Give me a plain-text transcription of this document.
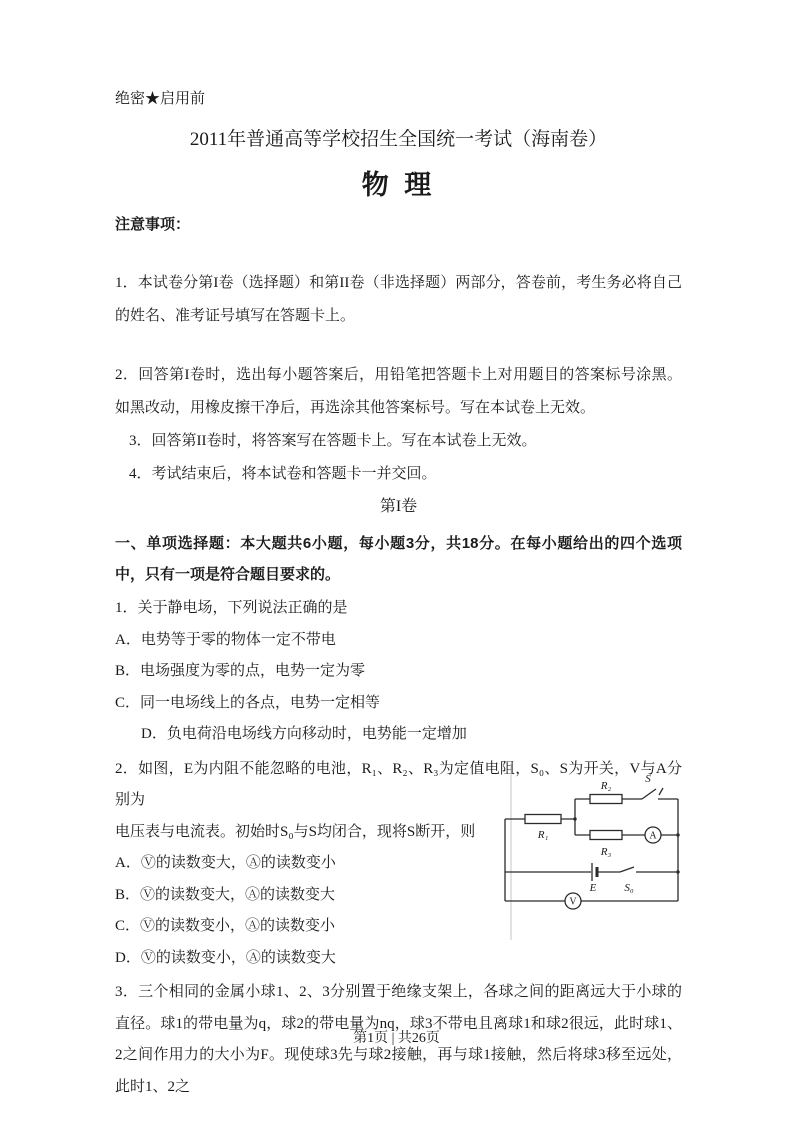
绝密★启用前
2011年普通高等学校招生全国统一考试（海南卷）
物 理
注意事项：
1．本试卷分第I卷（选择题）和第II卷（非选择题）两部分，答卷前，考生务必将自己的姓名、准考证号填写在答题卡上。
2．回答第I卷时，选出每小题答案后，用铅笔把答题卡上对用题目的答案标号涂黑。如黑改动，用橡皮擦干净后，再选涂其他答案标号。写在本试卷上无效。
3．回答第II卷时，将答案写在答题卡上。写在本试卷上无效。
4．考试结束后，将本试卷和答题卡一并交回。
第I卷
一、单项选择题：本大题共6小题，每小题3分，共18分。在每小题给出的四个选项中，只有一项是符合题目要求的。
1．关于静电场，下列说法正确的是
A．电势等于零的物体一定不带电
B．电场强度为零的点，电势一定为零
C．同一电场线上的各点，电势一定相等
D．负电荷沿电场线方向移动时，电势能一定增加
2．如图，E为内阻不能忽略的电池，R₁、R₂、R₃为定值电阻，S₀、S为开关，V与A分别为
电压表与电流表。初始时S₀与S均闭合，现将S断开，则
A．Ⓥ的读数变大，Ⓐ的读数变小
B．Ⓥ的读数变大，Ⓐ的读数变大
C．Ⓥ的读数变小，Ⓐ的读数变小
D．Ⓥ的读数变小，Ⓐ的读数变大
3．三个相同的金属小球1、2、3分别置于绝缘支架上，各球之间的距离远大于小球的直径。球1的带电量为q，球2的带电量为nq，球3不带电且离球1和球2很远，此时球1、2之间作用力的大小为F。现使球3先与球2接触，再与球1接触，然后将球3移至远处，此时1、2之
R₁
R₂
S
R₃
A
E	S₀
V
第1页 | 共26页
